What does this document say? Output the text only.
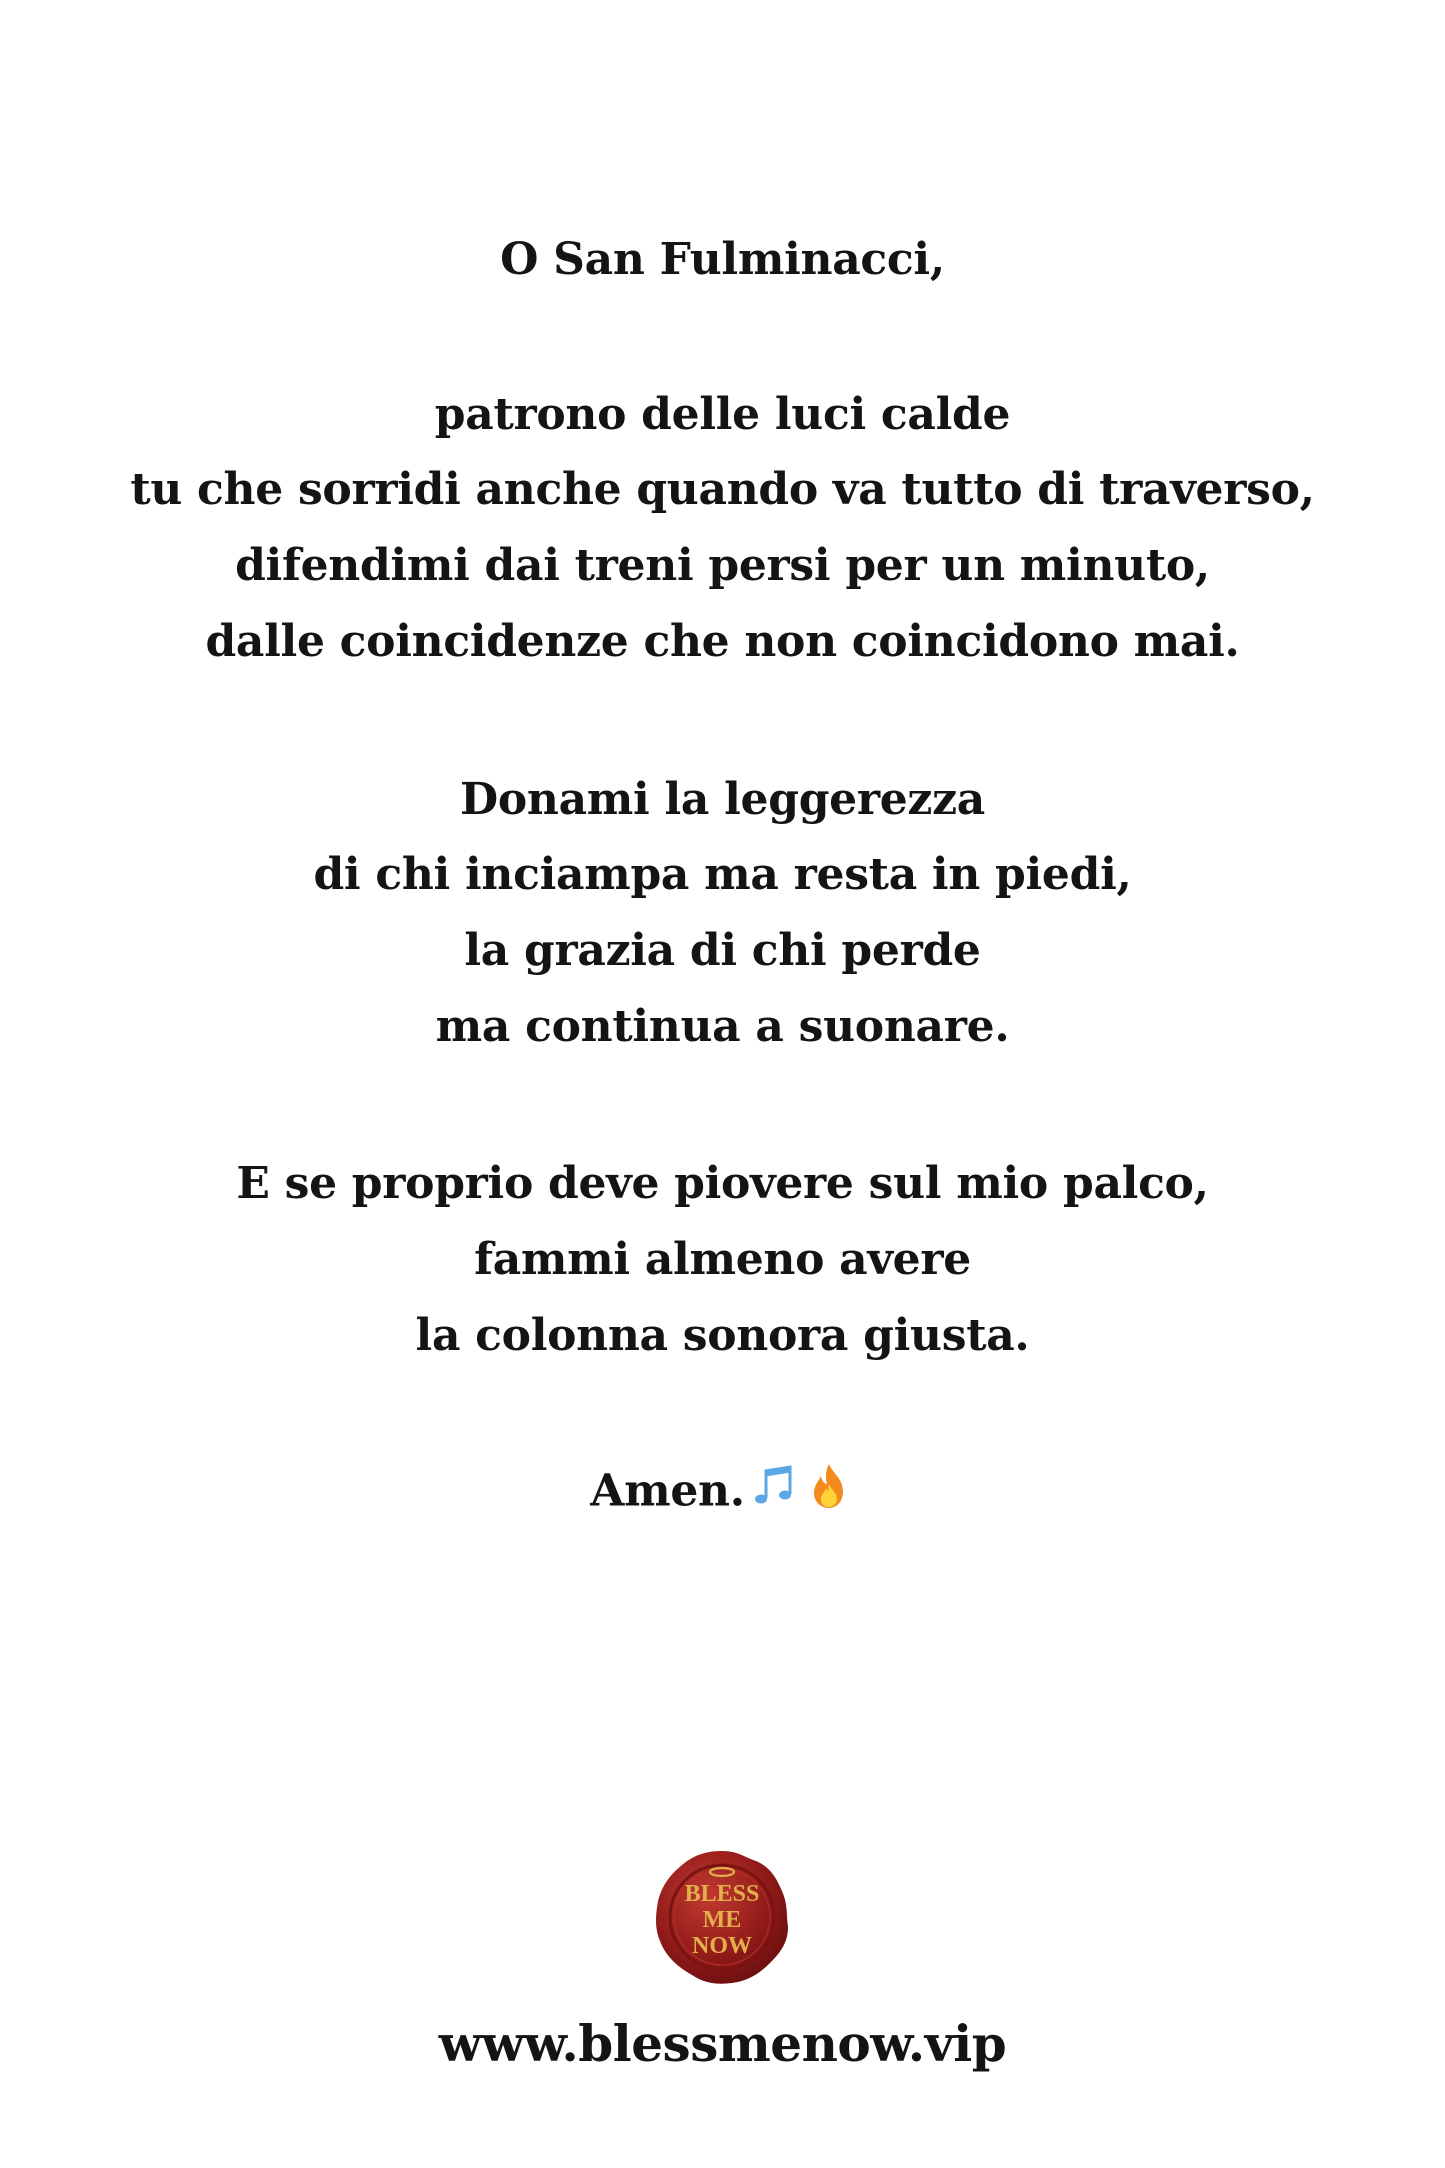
O San Fulminacci,
patrono delle luci calde
tu che sorridi anche quando va tutto di traverso,
difendimi dai treni persi per un minuto,
dalle coincidenze che non coincidono mai.
Donami la leggerezza
di chi inciampa ma resta in piedi,
la grazia di chi perde
ma continua a suonare.
E se proprio deve piovere sul mio palco,
fammi almeno avere
la colonna sonora giusta.
Amen.
BLESS
ME
NOW
www.blessmenow.vip
